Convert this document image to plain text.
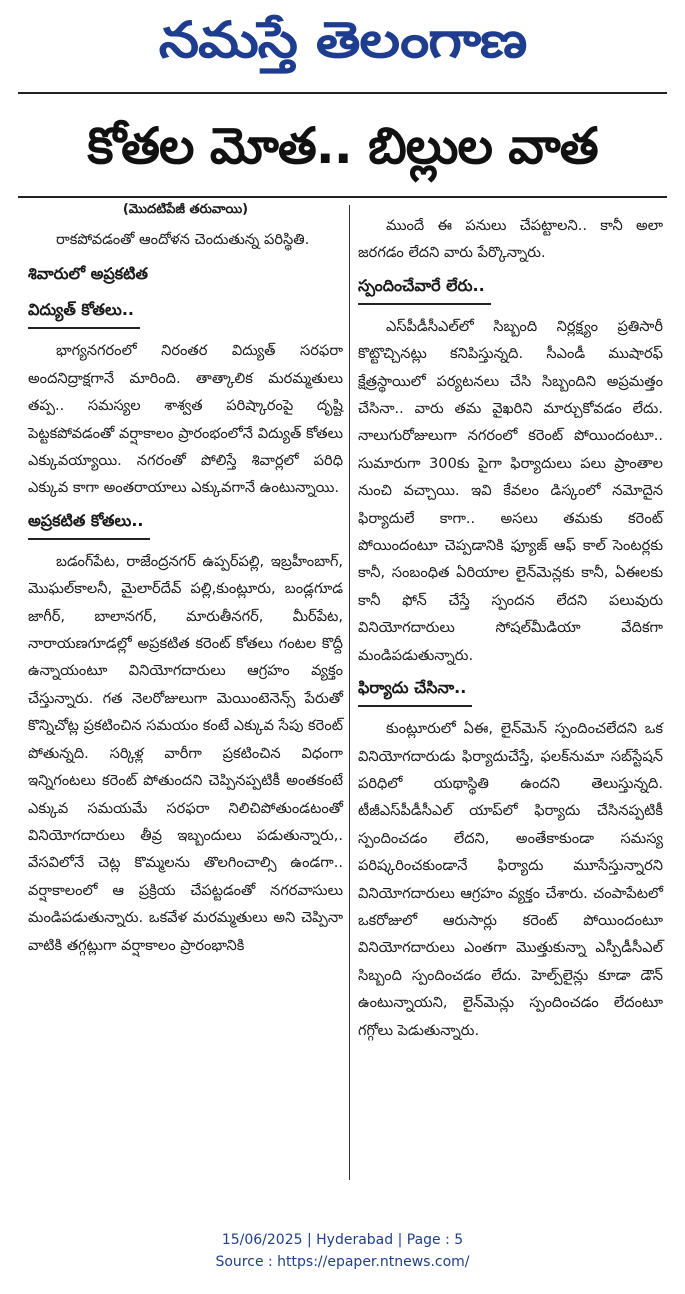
నమస్తే తెలంగాణ
కోతల మోత.. బిల్లుల వాత
(మొదటిపేజీ తరువాయి)

రాకపోవడంతో ఆందోళన చెందుతున్న పరిస్థితి.

శివారులో అప్రకటిత
విద్యుత్ కోతలు..

భాగ్యనగరంలో నిరంతర విద్యుత్ సరఫరా అందనిద్రాక్షగానే మారింది. తాత్కాలిక మరమ్మతులు తప్ప.. సమస్యల శాశ్వత పరిష్కారంపై దృష్టి పెట్టకపోవడంతో వర్షాకాలం ప్రారంభంలోనే విద్యుత్ కోతలు ఎక్కువయ్యాయి. నగరంతో పోలిస్తే శివార్లలో పరిధి ఎక్కువ కాగా అంతరాయాలు ఎక్కువగానే ఉంటున్నాయి.

అప్రకటిత కోతలు..

బడంగ్‌పేట, రాజేంద్రనగర్ ఉప్పర్‌పల్లి, ఇబ్రహీంబాగ్, మొఘల్‌కాలనీ, మైలార్‌దేవ్ పల్లి,కుంట్లూరు, బండ్లగూడ జాగీర్, బాలానగర్, మారుతీనగర్, మీర్‌పేట, నారాయణగూడల్లో అప్రకటిత కరెంట్ కోతలు గంటల కొద్దీ ఉన్నాయంటూ వినియోగదారులు ఆగ్రహం వ్యక్తం చేస్తున్నారు. గత నెలరోజులుగా మెయింటెనెన్స్ పేరుతో కొన్నిచోట్ల ప్రకటించిన సమయం కంటే ఎక్కువ సేపు కరెంట్ పోతున్నది. సర్కిళ్ల వారీగా ప్రకటించిన విధంగా ఇన్నిగంటలు కరెంట్ పోతుందని చెప్పినప్పటికీ అంతకంటే ఎక్కువ సమయమే సరఫరా నిలిచిపోతుండటంతో వినియోగదారులు తీవ్ర ఇబ్బందులు పడుతున్నారు,. వేసవిలోనే చెట్ల కొమ్మలను తొలగించాల్సి ఉండగా.. వర్షాకాలంలో ఆ ప్రక్రియ చేపట్టడంతో నగరవాసులు మండిపడుతున్నారు. ఒకవేళ మరమ్మతులు అని చెప్పినా వాటికి తగ్గట్లుగా వర్షాకాలం ప్రారంభానికి

ముందే ఈ పనులు చేపట్టాలని.. కానీ అలా జరగడం లేదని వారు పేర్కొన్నారు.

స్పందించేవారే లేరు..

ఎస్‌పీడీసీఎల్‌లో సిబ్బంది నిర్లక్ష్యం ప్రతిసారీ కొట్టొచ్చినట్లు కనిపిస్తున్నది. సీఎండీ ముషారఫ్ క్షేత్రస్థాయిలో పర్యటనలు చేసి సిబ్బందిని అప్రమత్తం చేసినా.. వారు తమ వైఖరిని మార్చుకోవడం లేదు. నాలుగురోజులుగా నగరంలో కరెంట్ పోయిందంటూ.. సుమారుగా 300కు పైగా ఫిర్యాదులు పలు ప్రాంతాల నుంచి వచ్చాయి. ఇవి కేవలం డిస్కంలో నమోదైన ఫిర్యాదులే కాగా.. అసలు తమకు కరెంట్ పోయిందంటూ చెప్పడానికి ఫ్యూజ్ ఆఫ్ కాల్ సెంటర్లకు కానీ, సంబంధిత ఏరియాల లైన్‌మెన్లకు కానీ, ఏఈలకు కానీ ఫోన్ చేస్తే స్పందన లేదని పలువురు వినియోగదారులు సోషల్‌మీడియా వేదికగా మండిపడుతున్నారు.

ఫిర్యాదు చేసినా..

కుంట్లూరులో ఏఈ, లైన్‌మెన్ స్పందించలేదని ఒక వినియోగదారుడు ఫిర్యాదుచేస్తే, ఫలక్‌నుమా సబ్‌స్టేషన్ పరిధిలో యథాస్థితి ఉందని తెలుస్తున్నది. టీజీఎస్‌పీడీసీఎల్ యాప్‌లో ఫిర్యాదు చేసినప్పటికీ స్పందించడం లేదని, అంతేకాకుండా సమస్య పరిష్కరించకుండానే ఫిర్యాదు మూసేస్తున్నారని వినియోగదారులు ఆగ్రహం వ్యక్తం చేశారు. చంపాపేటలో ఒకరోజులో ఆరుసార్లు కరెంట్ పోయిందంటూ వినియోగదారులు ఎంతగా మొత్తుకున్నా ఎస్పీడీసీఎల్ సిబ్బంది స్పందించడం లేదు. హెల్ప్‌లైన్లు కూడా డౌన్ ఉంటున్నాయని, లైన్‌మెన్లు స్పందించడం లేదంటూ గగ్గోలు పెడుతున్నారు.

15/06/2025 | Hyderabad | Page : 5
Source : https://epaper.ntnews.com/
